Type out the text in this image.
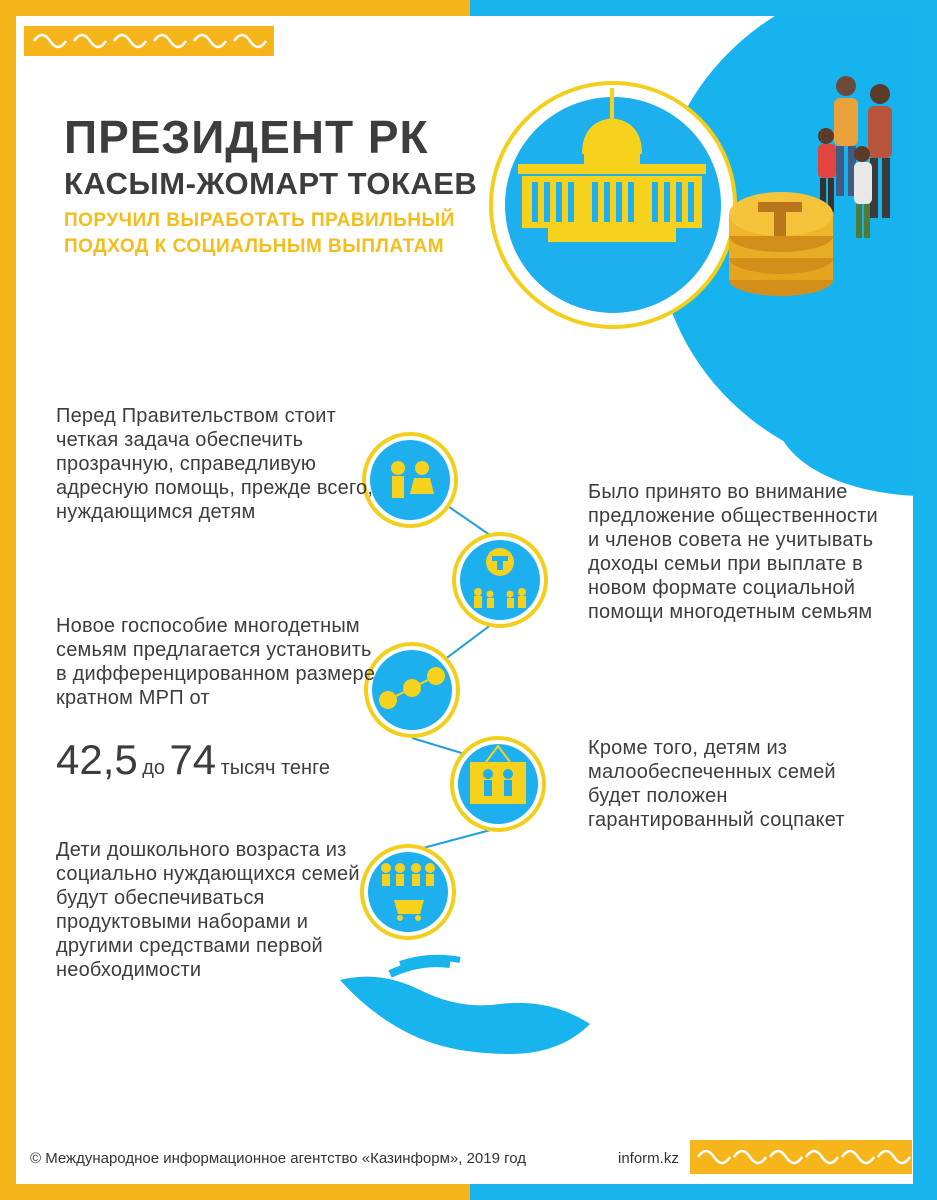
ПРЕЗИДЕНТ РК
КАСЫМ-ЖОМАРТ ТОКАЕВ
ПОРУЧИЛ ВЫРАБОТАТЬ ПРАВИЛЬНЫЙ
ПОДХОД К СОЦИАЛЬНЫМ ВЫПЛАТАМ
Перед Правительством стоит четкая задача обеспечить прозрачную, справедливую адресную помощь, прежде всего, нуждающимся детям
Было принято во внимание предложение общественности и членов совета не учитывать доходы семьи при выплате в новом формате социальной помощи многодетным семьям
Новое госпособие многодетным семьям предлагается установить в дифференцированном размере кратном МРП от
42,5 до 74 тысяч тенге
Кроме того, детям из малообеспеченных семей будет положен гарантированный соцпакет
Дети дошкольного возраста из социально нуждающихся семей будут обеспечиваться продуктовыми наборами и другими средствами первой необходимости
© Международное информационное агентство «Казинформ», 2019 год	inform.kz
